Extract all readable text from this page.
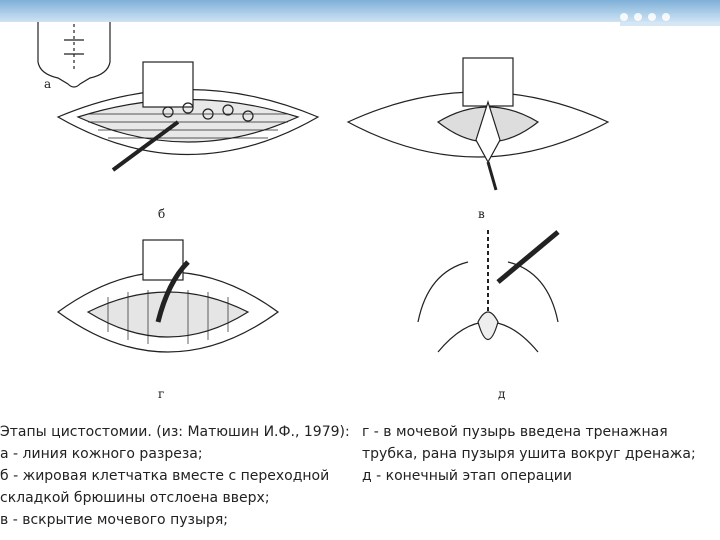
а
б	в
г	д
Этапы цистостомии. (из: Матюшин И.Ф., 1979):
а - линия кожного разреза;
б - жировая клетчатка вместе с переходной
складкой брюшины отслоена вверх;
в - вскрытие мочевого пузыря;
г - в мочевой пузырь введена тренажная
трубка, рана пузыря ушита вокруг дренажа;
д - конечный этап операции
